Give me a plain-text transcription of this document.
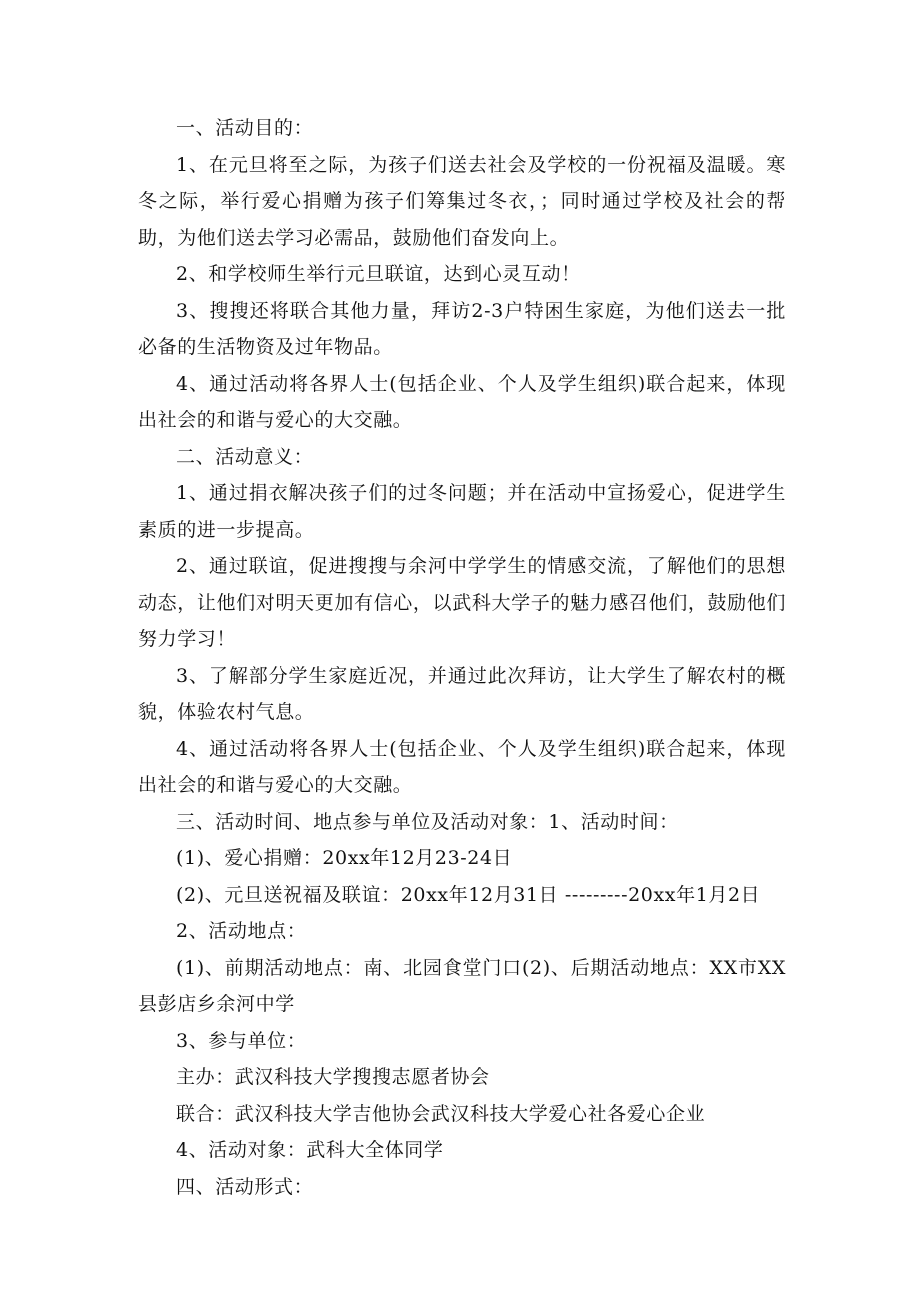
一、活动目的：

1、在元旦将至之际，为孩子们送去社会及学校的一份祝福及温暖。寒冬之际，举行爱心捐赠为孩子们筹集过冬衣，；同时通过学校及社会的帮助，为他们送去学习必需品，鼓励他们奋发向上。

2、和学校师生举行元旦联谊，达到心灵互动！

3、搜搜还将联合其他力量，拜访2-3户特困生家庭，为他们送去一批必备的生活物资及过年物品。

4、通过活动将各界人士(包括企业、个人及学生组织)联合起来，体现出社会的和谐与爱心的大交融。

二、活动意义：

1、通过捐衣解决孩子们的过冬问题；并在活动中宣扬爱心，促进学生素质的进一步提高。

2、通过联谊，促进搜搜与余河中学学生的情感交流，了解他们的思想动态，让他们对明天更加有信心，以武科大学子的魅力感召他们，鼓励他们努力学习！

3、了解部分学生家庭近况，并通过此次拜访，让大学生了解农村的概貌，体验农村气息。

4、通过活动将各界人士(包括企业、个人及学生组织)联合起来，体现出社会的和谐与爱心的大交融。

三、活动时间、地点参与单位及活动对象：1、活动时间：

(1)、爱心捐赠：20xx年12月23-24日

(2)、元旦送祝福及联谊：20xx年12月31日 ---------20xx年1月2日

2、活动地点：

(1)、前期活动地点：南、北园食堂门口(2)、后期活动地点：XX市XX县彭店乡余河中学

3、参与单位：

主办：武汉科技大学搜搜志愿者协会

联合：武汉科技大学吉他协会武汉科技大学爱心社各爱心企业

4、活动对象：武科大全体同学

四、活动形式：
